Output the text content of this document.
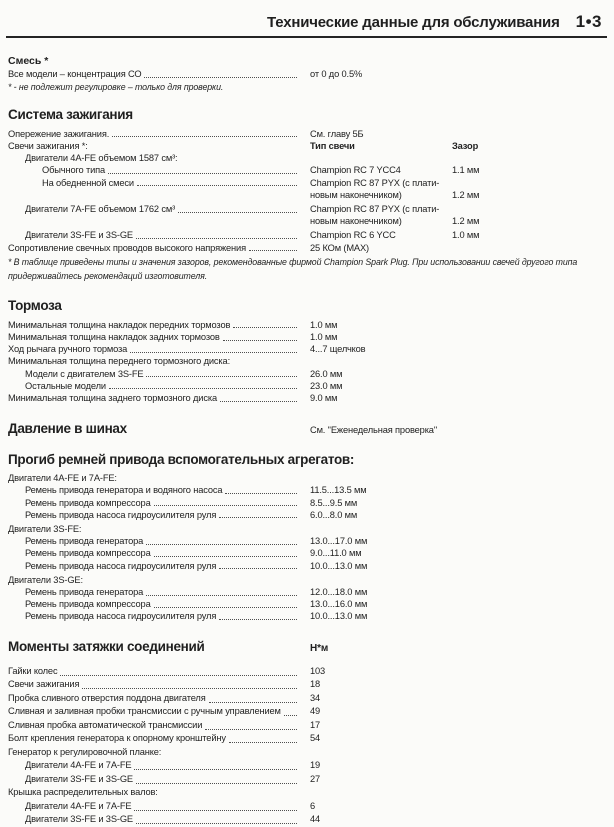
Технические данные для обслуживания 1•3
Смесь *
Все модели – концентрация СО	от 0 до 0.5%
* - не подлежит регулировке – только для проверки.
Система зажигания
Опережение зажигания.	См. главу 5Б
Свечи зажигания *:	Тип свечи	Зазор
Двигатели 4A-FE объемом 1587 см³:
Обычного типа	Champion RC 7 YCC4	1.1 мм
На обедненной смеси	Champion RC 87 PYX (с плати-
новым наконечником)	1.2 мм
Двигатели 7A-FE объемом 1762 см³	Champion RC 87 PYX (с плати-
новым наконечником)	1.2 мм
Двигатели 3S-FE и 3S-GE	Champion RC 6 YCC	1.0 мм
Сопротивление свечных проводов высокого напряжения	25 КОм (MAX)
* В таблице приведены типы и значения зазоров, рекомендованные фирмой Champion Spark Plug. При использовании свечей другого типа
придерживайтесь рекомендаций изготовителя.
Тормоза
Минимальная толщина накладок передних тормозов	1.0 мм
Минимальная толщина накладок задних тормозов	1.0 мм
Ход рычага ручного тормоза	4...7 щелчков
Минимальная толщина переднего тормозного диска:
Модели с двигателем 3S-FE	26.0 мм
Остальные модели	23.0 мм
Минимальная толщина заднего тормозного диска	9.0 мм
Давление в шинах	См. "Еженедельная проверка"
Прогиб ремней привода вспомогательных агрегатов:
Двигатели 4A-FE и 7A-FE:
Ремень привода генератора и водяного насоса	11.5...13.5 мм
Ремень привода компрессора	8.5...9.5 мм
Ремень привода насоса гидроусилителя руля	6.0...8.0 мм
Двигатели 3S-FE:
Ремень привода генератора	13.0...17.0 мм
Ремень привода компрессора	9.0...11.0 мм
Ремень привода насоса гидроусилителя руля	10.0...13.0 мм
Двигатели 3S-GE:
Ремень привода генератора	12.0...18.0 мм
Ремень привода компрессора	13.0...16.0 мм
Ремень привода насоса гидроусилителя руля	10.0...13.0 мм
Моменты затяжки соединений	Н*м
Гайки колес	103
Свечи зажигания	18
Пробка сливного отверстия поддона двигателя	34
Сливная и заливная пробки трансмиссии с ручным управлением	49
Сливная пробка автоматической трансмиссии	17
Болт крепления генератора к опорному кронштейну	54
Генератор к регулировочной планке:
Двигатели 4A-FE и 7A-FE	19
Двигатели 3S-FE и 3S-GE	27
Крышка распределительных валов:
Двигатели 4A-FE и 7A-FE	6
Двигатели 3S-FE и 3S-GE	44
